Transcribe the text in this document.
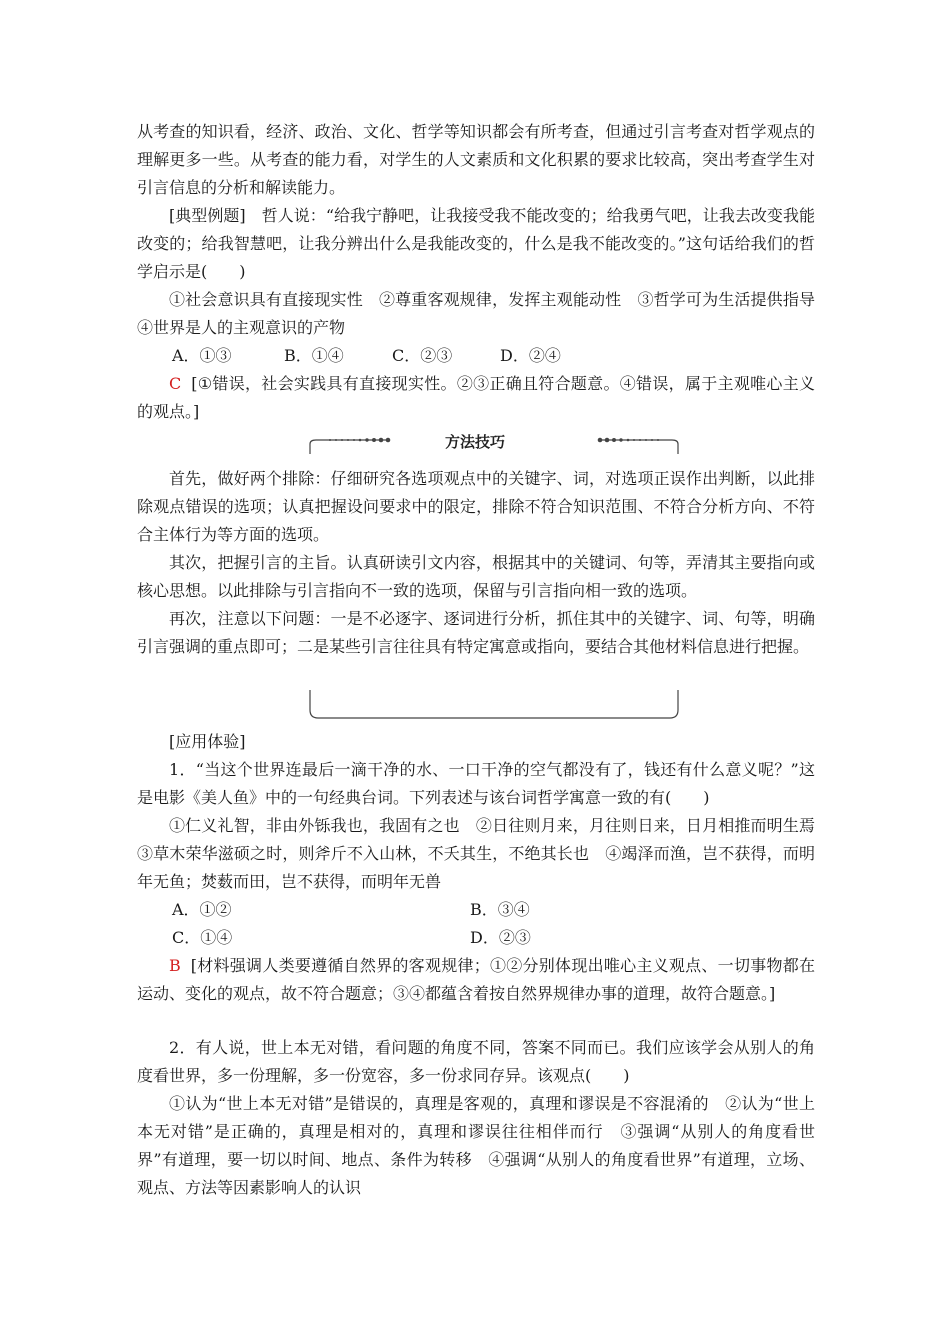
从考查的知识看，经济、政治、文化、哲学等知识都会有所考查，但通过引言考查对哲学观点的理解更多一些。从考查的能力看，对学生的人文素质和文化积累的要求比较高，突出考查学生对引言信息的分析和解读能力。
[典型例题]　哲人说：“给我宁静吧，让我接受我不能改变的；给我勇气吧，让我去改变我能改变的；给我智慧吧，让我分辨出什么是我能改变的，什么是我不能改变的。”这句话给我们的哲学启示是(　　)
①社会意识具有直接现实性　②尊重客观规律，发挥主观能动性　③哲学可为生活提供指导　④世界是人的主观意识的产物
A．①③	B．①④	C．②③	D．②④
C [①错误，社会实践具有直接现实性。②③正确且符合题意。④错误，属于主观唯心主义的观点。]
方法技巧
首先，做好两个排除：仔细研究各选项观点中的关键字、词，对选项正误作出判断，以此排除观点错误的选项；认真把握设问要求中的限定，排除不符合知识范围、不符合分析方向、不符合主体行为等方面的选项。
其次，把握引言的主旨。认真研读引文内容，根据其中的关键词、句等，弄清其主要指向或核心思想。以此排除与引言指向不一致的选项，保留与引言指向相一致的选项。
再次，注意以下问题：一是不必逐字、逐词进行分析，抓住其中的关键字、词、句等，明确引言强调的重点即可；二是某些引言往往具有特定寓意或指向，要结合其他材料信息进行把握。
[应用体验]
1．“当这个世界连最后一滴干净的水、一口干净的空气都没有了，钱还有什么意义呢？”这是电影《美人鱼》中的一句经典台词。下列表述与该台词哲学寓意一致的有(　　)
①仁义礼智，非由外铄我也，我固有之也　②日往则月来，月往则日来，日月相推而明生焉　③草木荣华滋硕之时，则斧斤不入山林，不夭其生，不绝其长也　④竭泽而渔，岂不获得，而明年无鱼；焚薮而田，岂不获得，而明年无兽
A．①②	B．③④
C．①④	D．②③
B [材料强调人类要遵循自然界的客观规律；①②分别体现出唯心主义观点、一切事物都在运动、变化的观点，故不符合题意；③④都蕴含着按自然界规律办事的道理，故符合题意。]
2．有人说，世上本无对错，看问题的角度不同，答案不同而已。我们应该学会从别人的角度看世界，多一份理解，多一份宽容，多一份求同存异。该观点(　　)
①认为“世上本无对错”是错误的，真理是客观的，真理和谬误是不容混淆的　②认为“世上本无对错”是正确的，真理是相对的，真理和谬误往往相伴而行　③强调“从别人的角度看世界”有道理，要一切以时间、地点、条件为转移　④强调“从别人的角度看世界”有道理，立场、观点、方法等因素影响人的认识
